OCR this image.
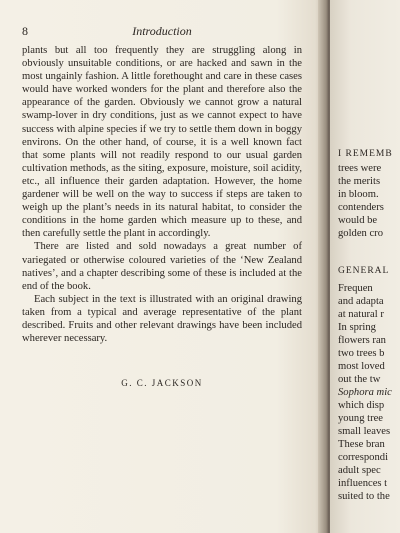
8	Introduction

plants but all too frequently they are struggling along in obviously unsuitable conditions, or are hacked and sawn in the most ungainly fashion. A little forethought and care in these cases would have worked wonders for the plant and therefore also the appearance of the garden. Obviously we cannot grow a natural swamp-lover in dry conditions, just as we cannot expect to have success with alpine species if we try to settle them down in boggy environs. On the other hand, of course, it is a well known fact that some plants will not readily respond to our usual garden cultivation methods, as the siting, exposure, moisture, soil acidity, etc., all influence their garden adaptation. However, the home gardener will be well on the way to success if steps are taken to weigh up the plant’s needs in its natural habitat, to consider the conditions in the home garden which measure up to these, and then carefully settle the plant in accordingly.

There are listed and sold nowadays a great number of variegated or otherwise coloured varieties of the ‘New Zealand natives’, and a chapter describing some of these is included at the end of the book.

Each subject in the text is illustrated with an original drawing taken from a typical and average representative of the plant described. Fruits and other relevant drawings have been included wherever necessary.

G. C. JACKSON
I REMEMB
trees were
the merits
in bloom.
contenders
would be
golden cro
GENERAL
Frequen
and adapta
at natural r
In spring
flowers ran
two trees b
most loved
out the tw
Sophora mic
which disp
young tree
small leaves
These bran
correspondi
adult spec
influences t
suited to the
